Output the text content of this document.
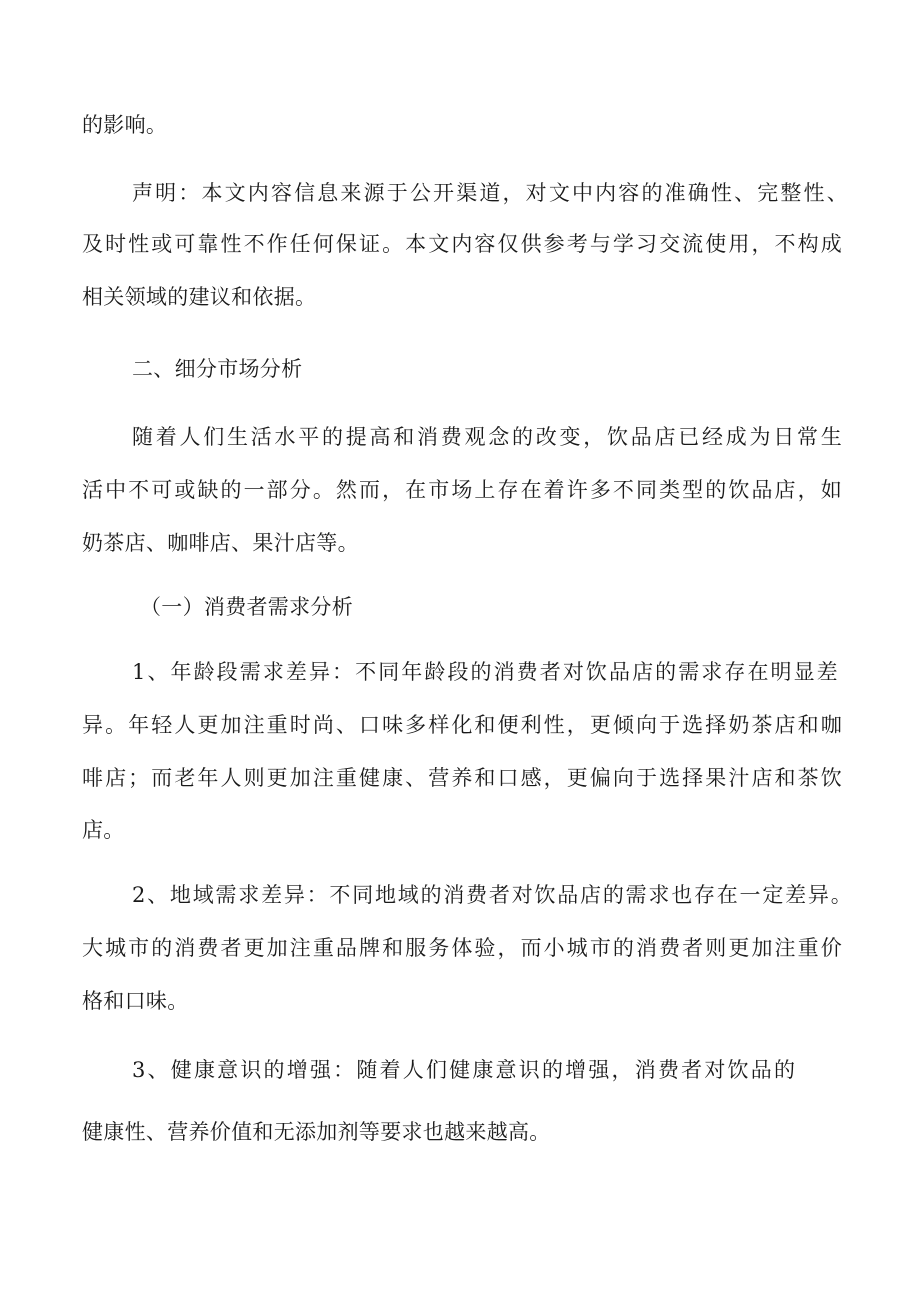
的影响。

声明：本文内容信息来源于公开渠道，对文中内容的准确性、完整性、

及时性或可靠性不作任何保证。本文内容仅供参考与学习交流使用，不构成

相关领域的建议和依据。

二、细分市场分析

随着人们生活水平的提高和消费观念的改变，饮品店已经成为日常生

活中不可或缺的一部分。然而，在市场上存在着许多不同类型的饮品店，如

奶茶店、咖啡店、果汁店等。

（一）消费者需求分析

1、年龄段需求差异：不同年龄段的消费者对饮品店的需求存在明显差

异。年轻人更加注重时尚、口味多样化和便利性，更倾向于选择奶茶店和咖

啡店；而老年人则更加注重健康、营养和口感，更偏向于选择果汁店和茶饮

店。

2、地域需求差异：不同地域的消费者对饮品店的需求也存在一定差异。

大城市的消费者更加注重品牌和服务体验，而小城市的消费者则更加注重价

格和口味。

3、健康意识的增强：随着人们健康意识的增强，消费者对饮品的

健康性、营养价值和无添加剂等要求也越来越高。
